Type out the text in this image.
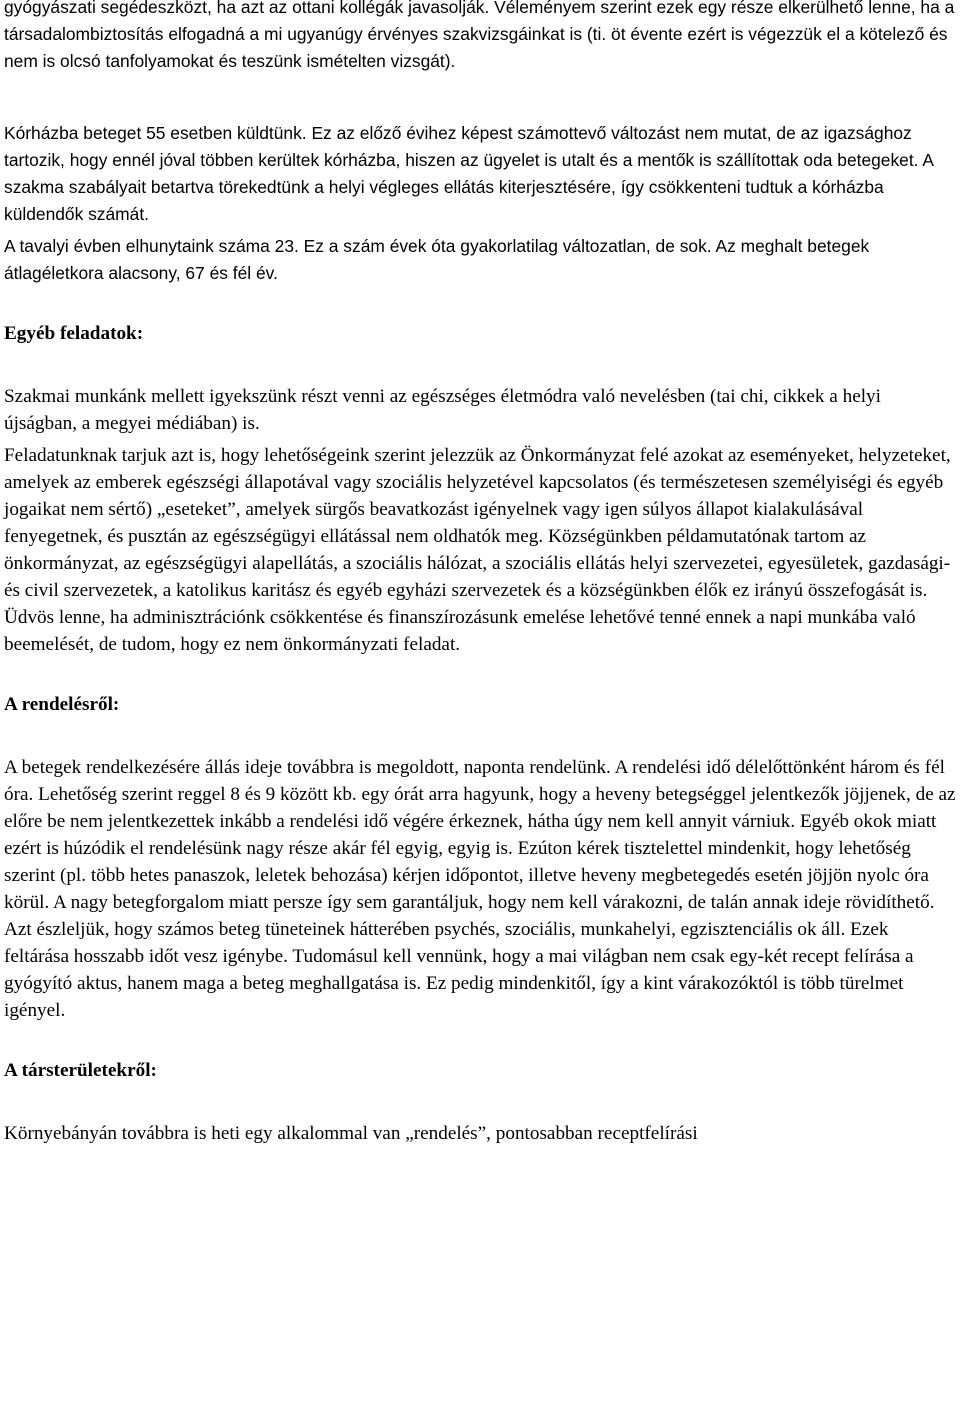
gyógyászati segédeszközt, ha azt az ottani kollégák javasolják. Véleményem szerint ezek egy része elkerülhető lenne, ha a társadalombiztosítás elfogadná a mi ugyanúgy érvényes szakvizsgáinkat is (ti. öt évente ezért is végezzük el a kötelező és nem is olcsó tanfolyamokat és teszünk ismételten vizsgát).

Kórházba beteget 55 esetben küldtünk. Ez az előző évihez képest számottevő változást nem mutat, de az igazsághoz tartozik, hogy ennél jóval többen kerültek kórházba, hiszen az ügyelet is utalt és a mentők is szállítottak oda betegeket. A szakma szabályait betartva törekedtünk a helyi végleges ellátás kiterjesztésére, így csökkenteni tudtuk a kórházba küldendők számát.

A tavalyi évben elhunytaink száma 23. Ez a szám évek óta gyakorlatilag változatlan, de sok. Az meghalt betegek átlagéletkora alacsony, 67 és fél év.

Egyéb feladatok:

Szakmai munkánk mellett igyekszünk részt venni az egészséges életmódra való nevelésben (tai chi, cikkek a helyi újságban, a megyei médiában) is.

Feladatunknak tarjuk azt is, hogy lehetőségeink szerint jelezzük az Önkormányzat felé azokat az eseményeket, helyzeteket, amelyek az emberek egészségi állapotával vagy szociális helyzetével kapcsolatos (és természetesen személyiségi és egyéb jogaikat nem sértő) „eseteket”, amelyek sürgős beavatkozást igényelnek vagy igen súlyos állapot kialakulásával fenyegetnek, és pusztán az egészségügyi ellátással nem oldhatók meg. Községünkben példamutatónak tartom az önkormányzat, az egészségügyi alapellátás, a szociális hálózat, a szociális ellátás helyi szervezetei, egyesületek, gazdasági- és civil szervezetek, a katolikus karitász és egyéb egyházi szervezetek és a községünkben élők ez irányú összefogását is. Üdvös lenne, ha adminisztrációnk csökkentése és finanszírozásunk emelése lehetővé tenné ennek a napi munkába való beemelését, de tudom, hogy ez nem önkormányzati feladat.

A rendelésről:

A betegek rendelkezésére állás ideje továbbra is megoldott, naponta rendelünk. A rendelési idő délelőttönként három és fél óra. Lehetőség szerint reggel 8 és 9 között kb. egy órát arra hagyunk, hogy a heveny betegséggel jelentkezők jöjjenek, de az előre be nem jelentkezettek inkább a rendelési idő végére érkeznek, hátha úgy nem kell annyit várniuk. Egyéb okok miatt ezért is húzódik el rendelésünk nagy része akár fél egyig, egyig is. Ezúton kérek tisztelettel mindenkit, hogy lehetőség szerint (pl. több hetes panaszok, leletek behozása) kérjen időpontot, illetve heveny megbetegedés esetén jöjjön nyolc óra körül. A nagy betegforgalom miatt persze így sem garantáljuk, hogy nem kell várakozni, de talán annak ideje rövidíthető. Azt észleljük, hogy számos beteg tüneteinek hátterében psychés, szociális, munkahelyi, egzisztenciális ok áll. Ezek feltárása hosszabb időt vesz igénybe. Tudomásul kell vennünk, hogy a mai világban nem csak egy-két recept felírása a gyógyító aktus, hanem maga a beteg meghallgatása is. Ez pedig mindenkitől, így a kint várakozóktól is több türelmet igényel.

A társterületekről:

Környebányán továbbra is heti egy alkalommal van „rendelés”, pontosabban receptfelírási
